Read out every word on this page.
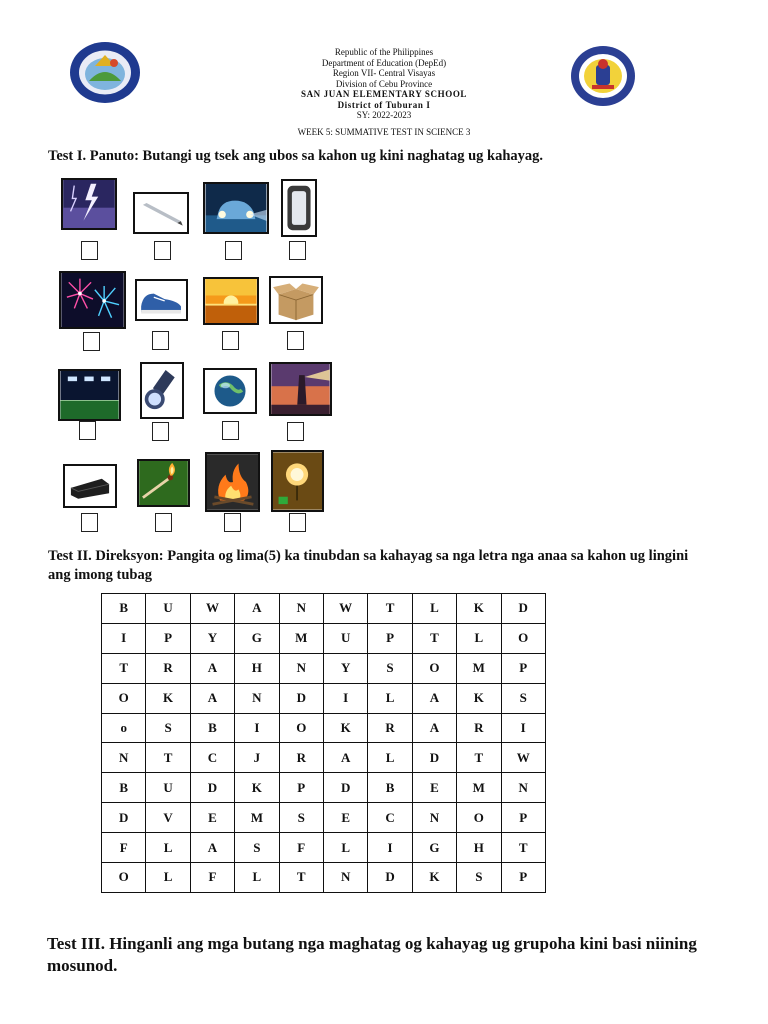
Republic of the Philippines
Department of Education (DepEd)
Region VII- Central Visayas
Division of Cebu Province
SAN JUAN ELEMENTARY SCHOOL
District of Tuburan I
SY: 2022-2023
WEEK 5: SUMMATIVE TEST IN SCIENCE 3
Test I. Panuto: Butangi ug tsek ang ubos sa kahon ug kini naghatag ug kahayag.
Test II. Direksyon: Pangita og lima(5) ka tinubdan sa kahayag sa nga letra nga anaa sa kahon ug lingini ang imong tubag
B	U	W	A	N	W	T	L	K	D
I	P	Y	G	M	U	P	T	L	O
T	R	A	H	N	Y	S	O	M	P
O	K	A	N	D	I	L	A	K	S
o	S	B	I	O	K	R	A	R	I
N	T	C	J	R	A	L	D	T	W
B	U	D	K	P	D	B	E	M	N
D	V	E	M	S	E	C	N	O	P
F	L	A	S	F	L	I	G	H	T
O	L	F	L	T	N	D	K	S	P
Test III. Hinganli ang mga butang nga maghatag og kahayag ug grupoha kini basi niining mosunod.
